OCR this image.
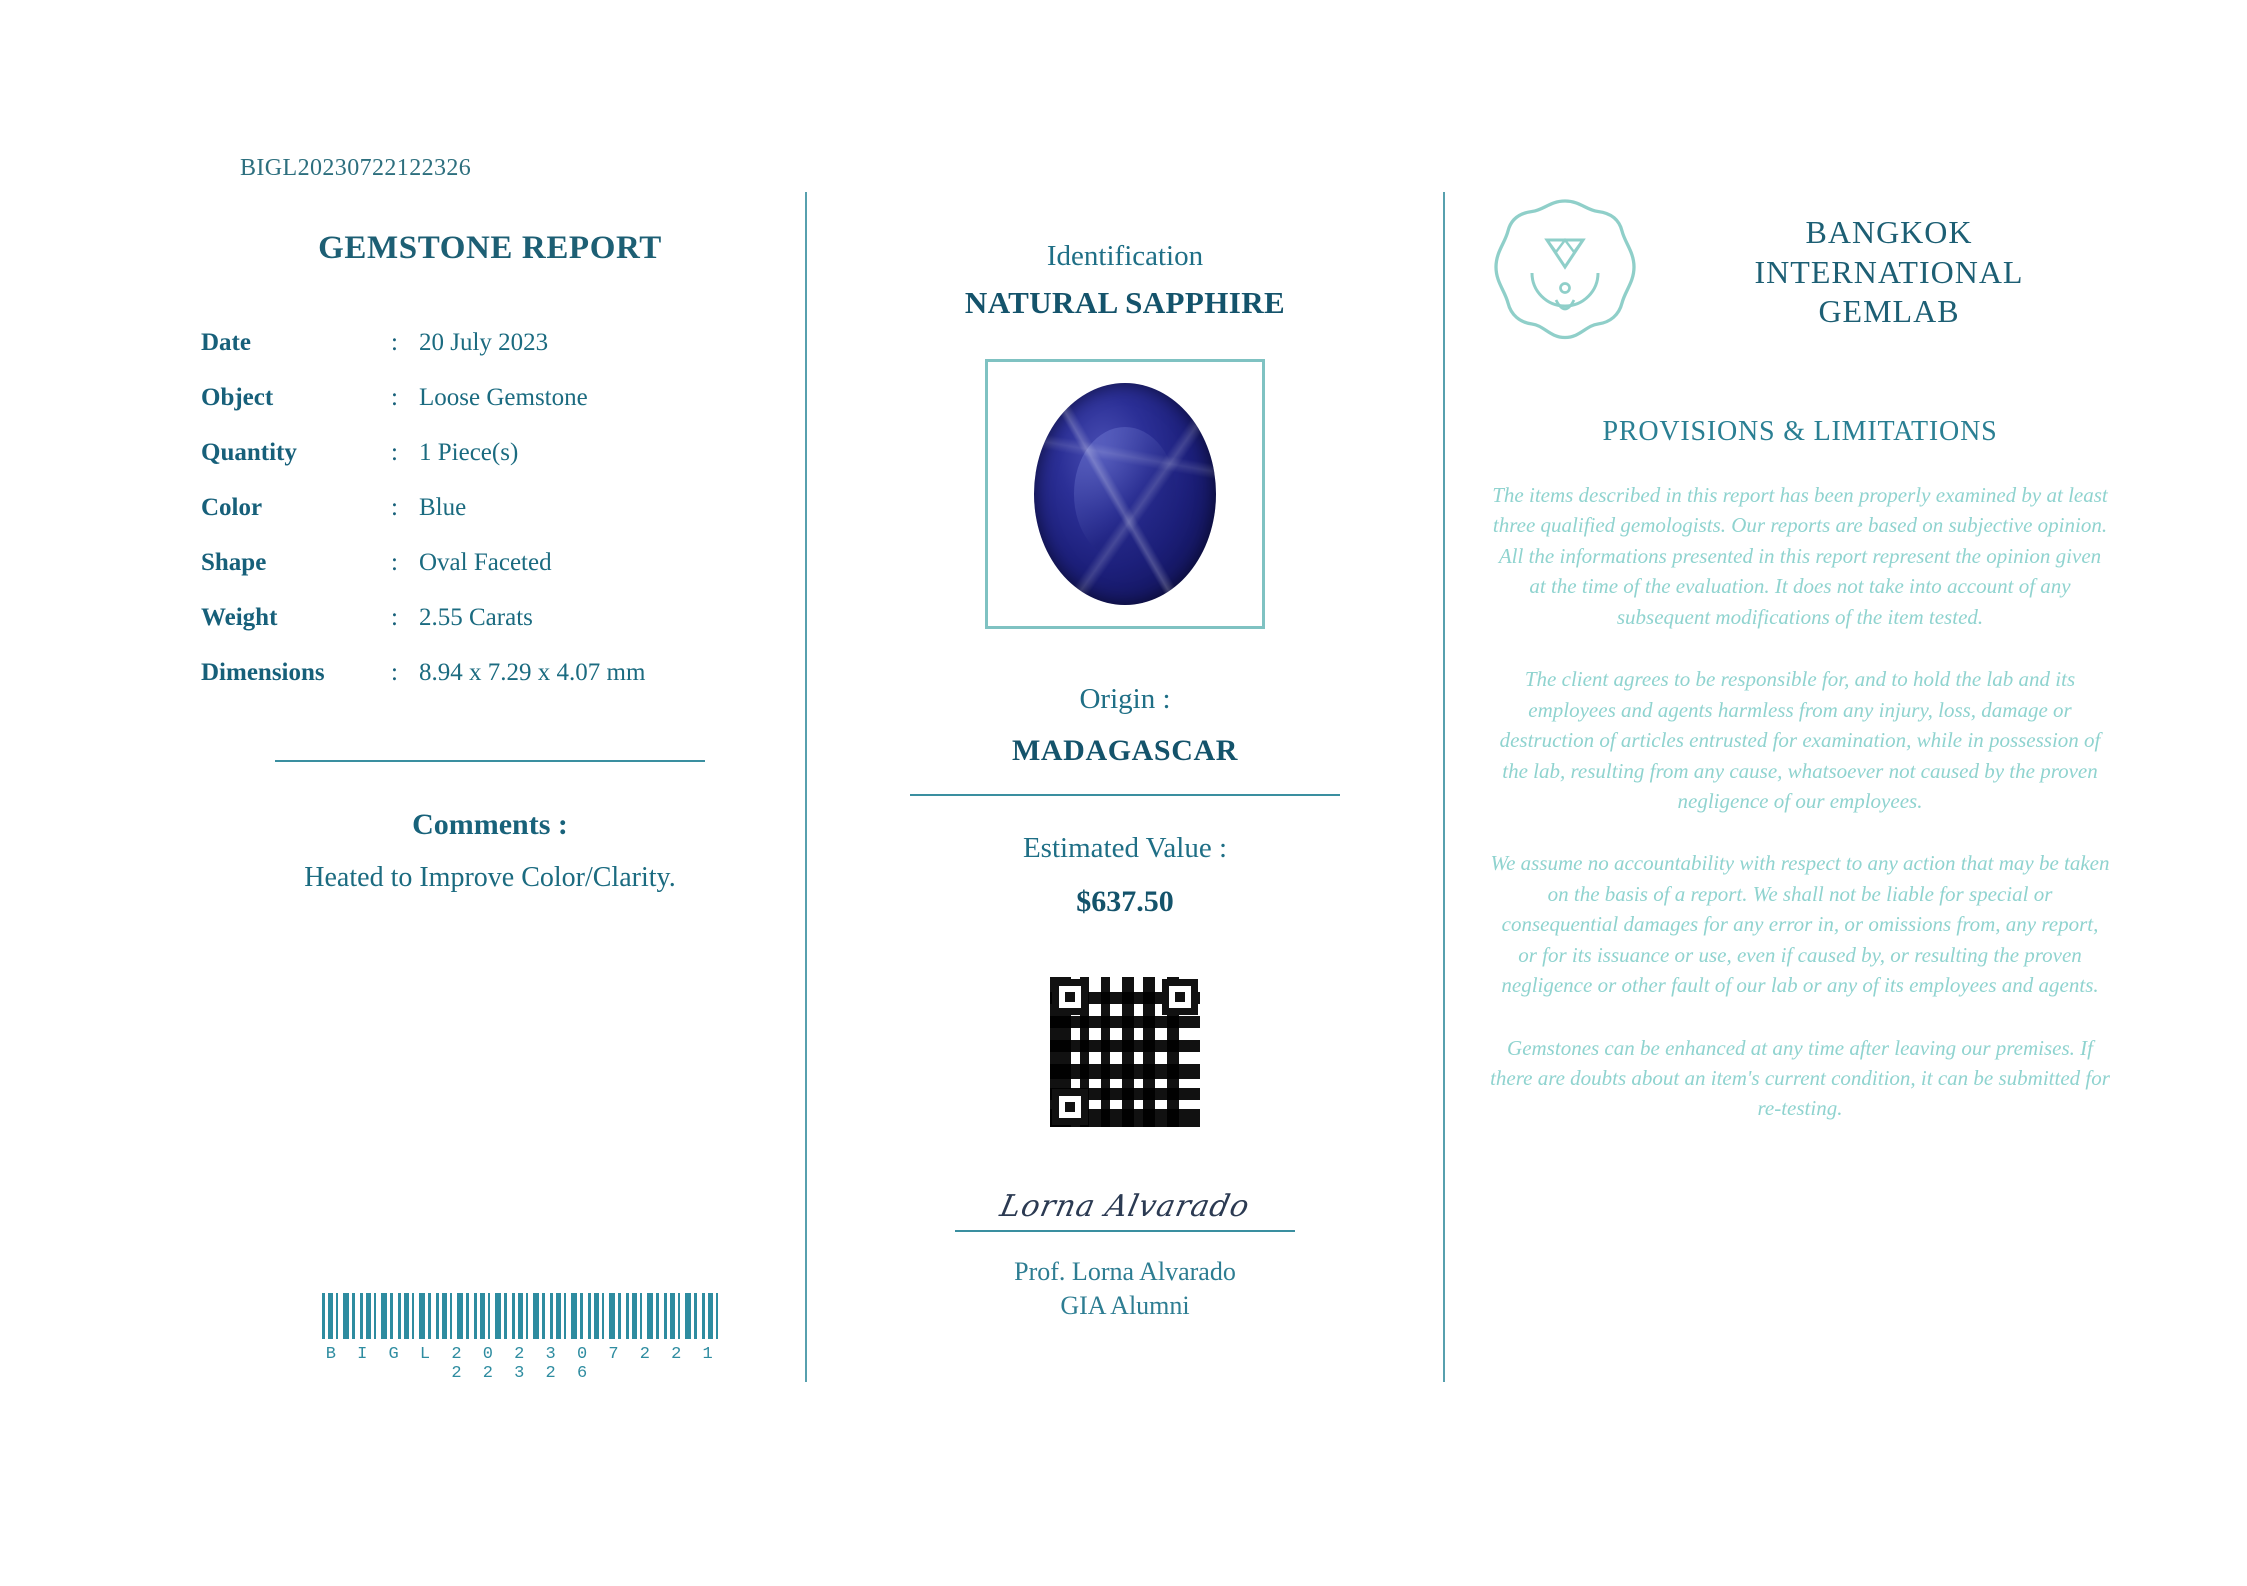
BIGL20230722122326
GEMSTONE REPORT
Date	:	20 July 2023
Object	:	Loose Gemstone
Quantity	:	1 Piece(s)
Color	:	Blue
Shape	:	Oval Faceted
Weight	:	2.55 Carats
Dimensions	:	8.94 x 7.29 x 4.07 mm
Comments :
Heated to Improve Color/Clarity.
B I G L 2 0 2 3 0 7 2 2 1 2 2 3 2 6
Identification
NATURAL SAPPHIRE
Origin :
MADAGASCAR
Estimated Value :
$637.50
Lorna Alvarado
Prof. Lorna Alvarado
GIA Alumni
BANGKOK
INTERNATIONAL
GEMLAB
PROVISIONS & LIMITATIONS
The items described in this report has been properly examined by at least three qualified gemologists. Our reports are based on subjective opinion. All the informations presented in this report represent the opinion given at the time of the evaluation. It does not take into account of any subsequent modifications of the item tested.
The client agrees to be responsible for, and to hold the lab and its employees and agents harmless from any injury, loss, damage or destruction of articles entrusted for examination, while in possession of the lab, resulting from any cause, whatsoever not caused by the proven negligence of our employees.
We assume no accountability with respect to any action that may be taken on the basis of a report. We shall not be liable for special or consequential damages for any error in, or omissions from, any report, or for its issuance or use, even if caused by, or resulting the proven negligence or other fault of our lab or any of its employees and agents.
Gemstones can be enhanced at any time after leaving our premises. If there are doubts about an item's current condition, it can be submitted for re-testing.
